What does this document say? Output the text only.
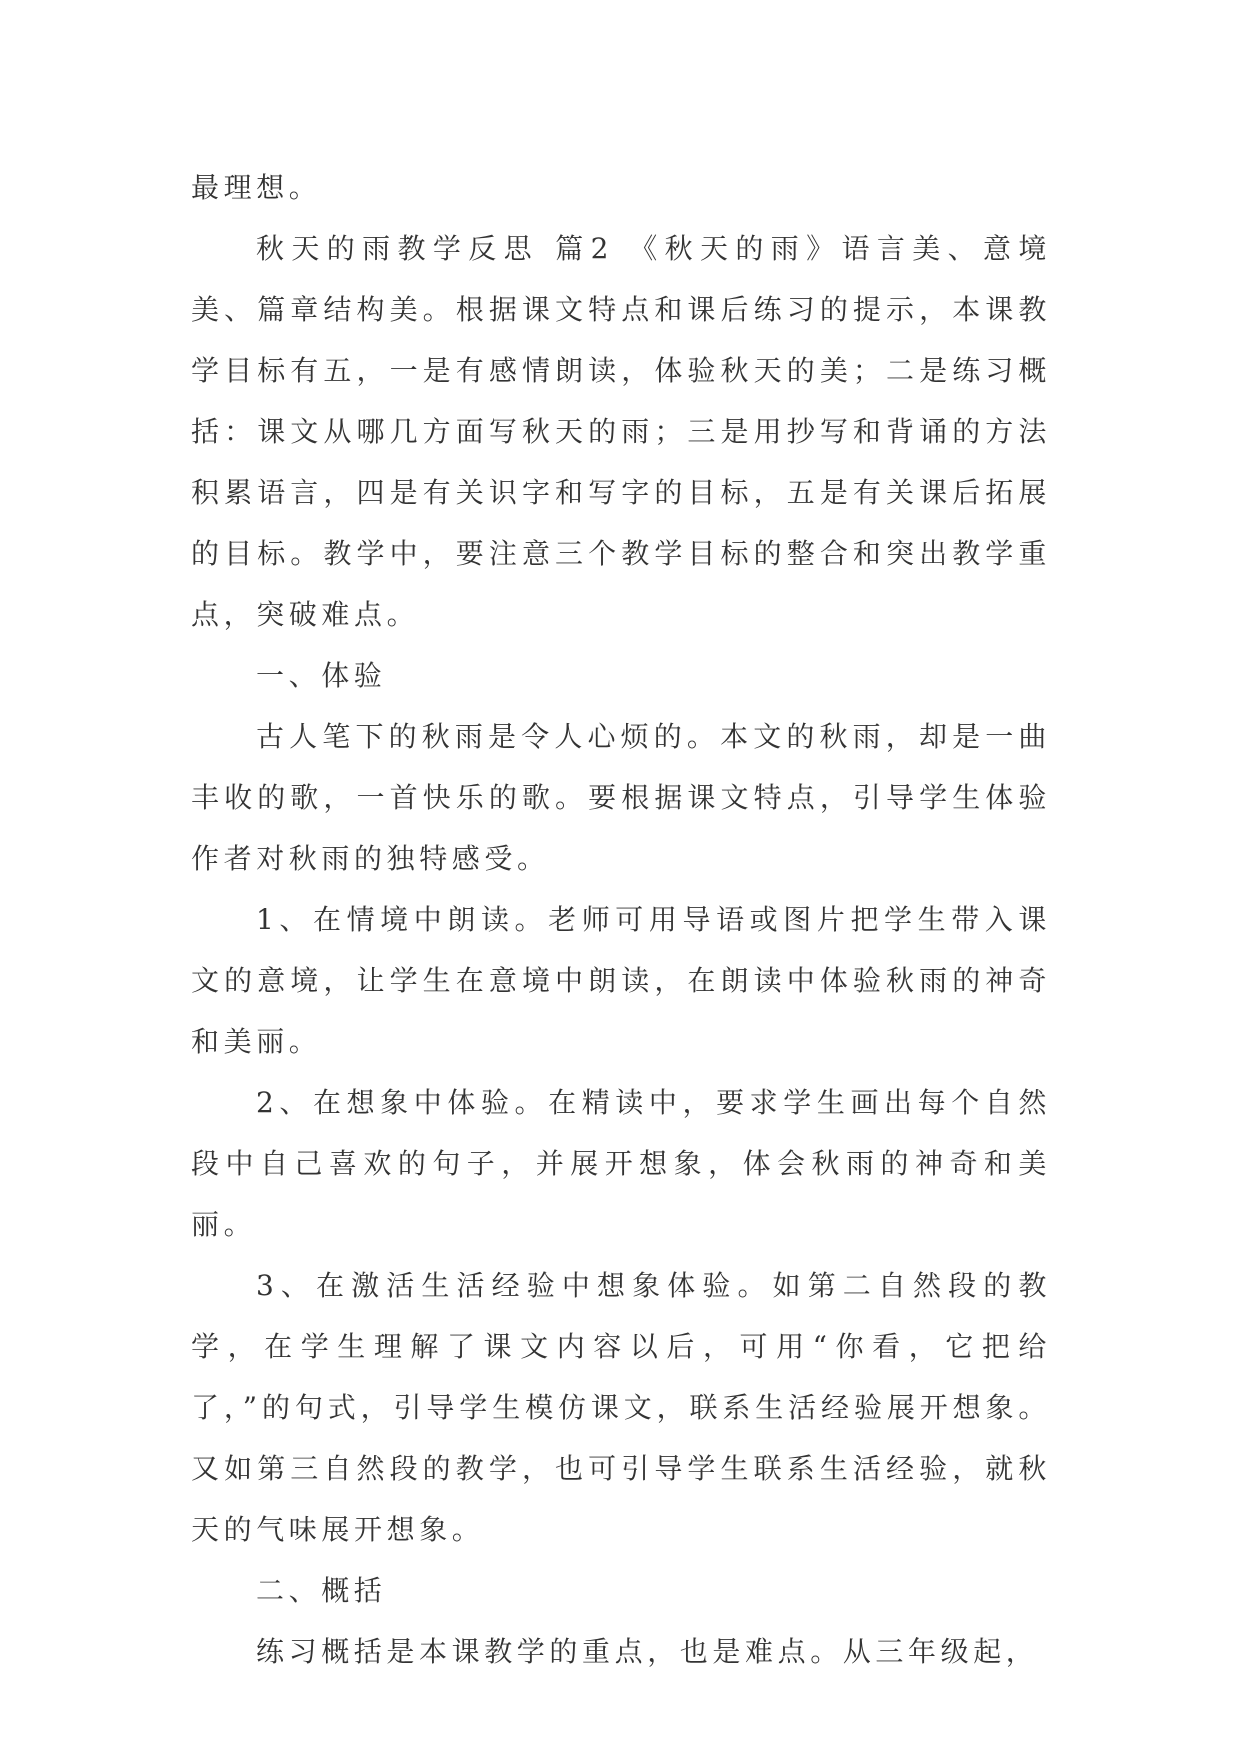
最理想。

秋天的雨教学反思 篇2 《秋天的雨》语言美、意境美、篇章结构美。根据课文特点和课后练习的提示，本课教学目标有五，一是有感情朗读，体验秋天的美；二是练习概括：课文从哪几方面写秋天的雨；三是用抄写和背诵的方法积累语言，四是有关识字和写字的目标，五是有关课后拓展的目标。教学中，要注意三个教学目标的整合和突出教学重点，突破难点。

一、体验

古人笔下的秋雨是令人心烦的。本文的秋雨，却是一曲丰收的歌，一首快乐的歌。要根据课文特点，引导学生体验作者对秋雨的独特感受。

1、在情境中朗读。老师可用导语或图片把学生带入课文的意境，让学生在意境中朗读，在朗读中体验秋雨的神奇和美丽。

2、在想象中体验。在精读中，要求学生画出每个自然段中自己喜欢的句子，并展开想象，体会秋雨的神奇和美丽。

3、在激活生活经验中想象体验。如第二自然段的教学，在学生理解了课文内容以后，可用“你看，它把给了，”的句式，引导学生模仿课文，联系生活经验展开想象。又如第三自然段的教学，也可引导学生联系生活经验，就秋天的气味展开想象。

二、概括

练习概括是本课教学的重点，也是难点。从三年级起，
